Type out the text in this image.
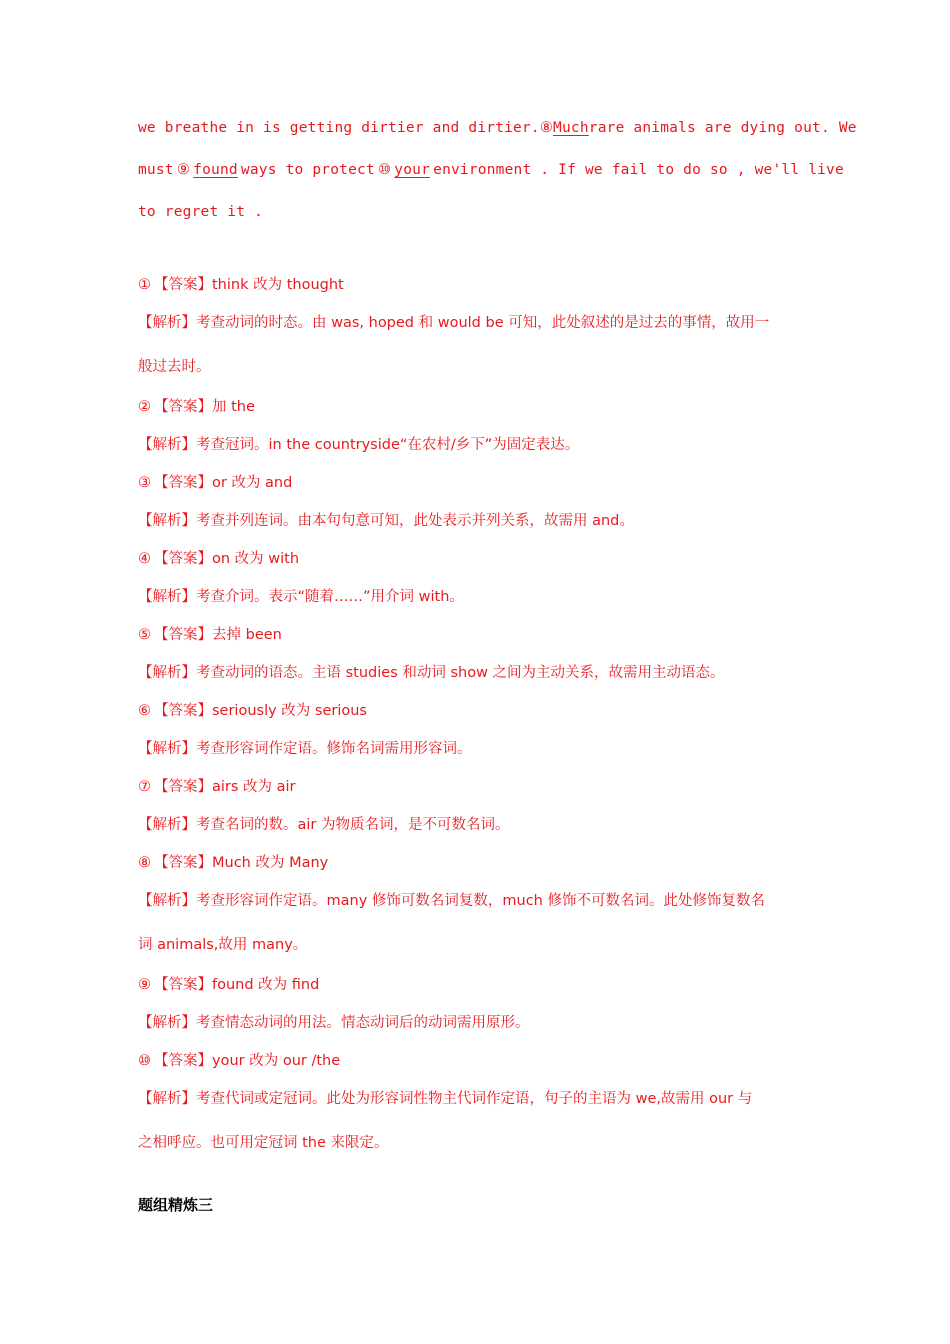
we breathe in is getting dirtier and dirtier. ⑧ Much rare animals are dying out. We
must ⑨ found ways to protect ⑩ your environment . If we fail to do so , we'll live
to regret it .
① 【答案】think 改为 thought
【解析】考查动词的时态。由 was, hoped 和 would be 可知，此处叙述的是过去的事情，故用一
般过去时。
② 【答案】加 the
【解析】考查冠词。in the countryside“在农村/乡下”为固定表达。
③ 【答案】or 改为 and
【解析】考查并列连词。由本句句意可知，此处表示并列关系，故需用 and。
④ 【答案】on 改为 with
【解析】考查介词。表示“随着……”用介词 with。
⑤ 【答案】去掉 been
【解析】考查动词的语态。主语 studies 和动词 show 之间为主动关系，故需用主动语态。
⑥ 【答案】seriously 改为 serious
【解析】考查形容词作定语。修饰名词需用形容词。
⑦ 【答案】airs 改为 air
【解析】考查名词的数。air 为物质名词，是不可数名词。
⑧ 【答案】Much 改为 Many
【解析】考查形容词作定语。many 修饰可数名词复数，much 修饰不可数名词。此处修饰复数名
词 animals,故用 many。
⑨ 【答案】found 改为 find
【解析】考查情态动词的用法。情态动词后的动词需用原形。
⑩ 【答案】your 改为 our /the
【解析】考查代词或定冠词。此处为形容词性物主代词作定语，句子的主语为 we,故需用 our 与
之相呼应。也可用定冠词 the 来限定。
题组精炼三
